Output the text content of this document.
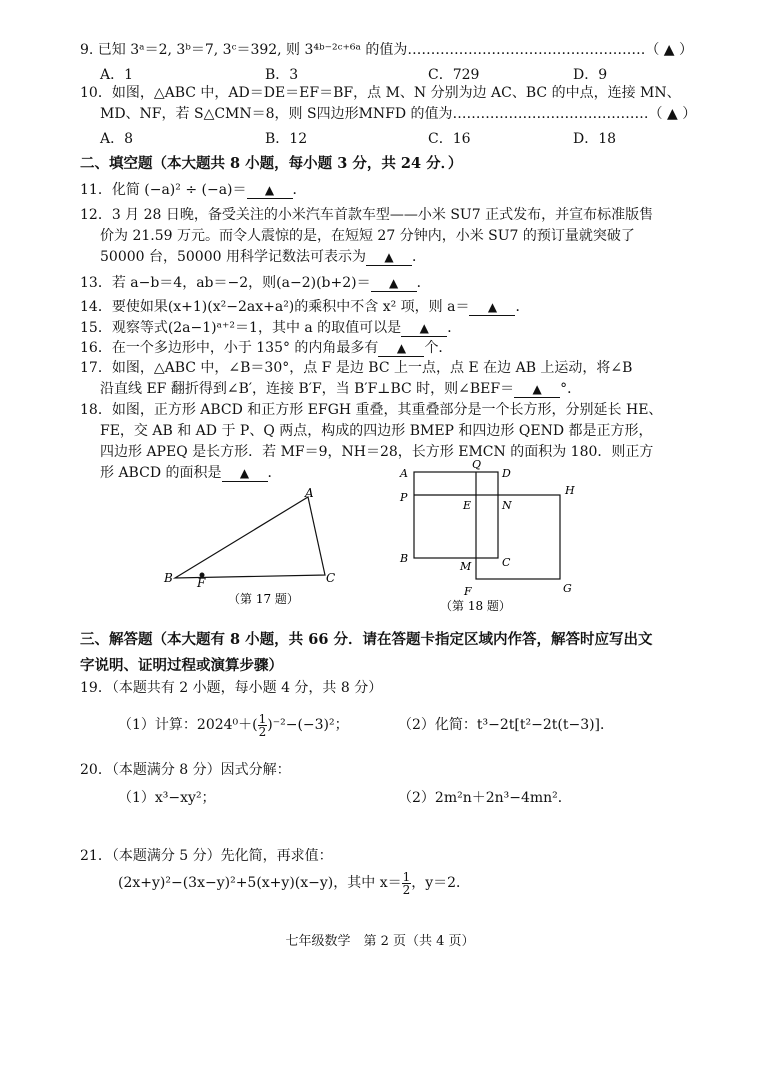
9. 已知 3ᵃ＝2, 3ᵇ＝7, 3ᶜ＝392, 则 3⁴ᵇ⁻²ᶜ⁺⁶ᵃ 的值为……………………………………………（ ▲ ）
A．1	B．3	C．729	D．9
10．如图，△ABC 中，AD＝DE＝EF＝BF，点 M、N 分别为边 AC、BC 的中点，连接 MN、
MD、NF，若 S△CMN＝8，则 S四边形MNFD 的值为……………………………………（ ▲ ）
A．8	B．12	C．16	D．18
二、填空题（本大题共 8 小题，每小题 3 分，共 24 分．）
11．化简 (−a)² ÷ (−a)＝ ▲ ．
12．3 月 28 日晚，备受关注的小米汽车首款车型——小米 SU7 正式发布，并宣布标准版售
价为 21.59 万元。而令人震惊的是，在短短 27 分钟内，小米 SU7 的预订量就突破了
50000 台，50000 用科学记数法可表示为 ▲ ．
13．若 a−b＝4，ab＝−2，则(a−2)(b+2)＝ ▲ ．
14．要使如果(x+1)(x²−2ax+a²)的乘积中不含 x² 项，则 a＝ ▲ ．
15．观察等式(2a−1)ᵃ⁺²＝1，其中 a 的取值可以是 ▲ ．
16．在一个多边形中，小于 135° 的内角最多有 ▲ 个．
17．如图，△ABC 中，∠B＝30°，点 F 是边 BC 上一点，点 E 在边 AB 上运动，将∠B
沿直线 EF 翻折得到∠B′，连接 B′F，当 B′F⊥BC 时，则∠BEF＝ ▲ °．
18．如图，正方形 ABCD 和正方形 EFGH 重叠，其重叠部分是一个长方形，分别延长 HE、
FE，交 AB 和 AD 于 P、Q 两点，构成的四边形 BMEP 和四边形 QEND 都是正方形，
四边形 APEQ 是长方形．若 MF＝9，NH＝28，长方形 EMCN 的面积为 180．则正方
形 ABCD 的面积是 ▲ ．
A
B	C
F
（第 17 题）
A
Q
D
H
P
E	N
B
M	C
F	G
（第 18 题）
三、解答题（本大题有 8 小题，共 66 分．请在答题卡指定区域内作答，解答时应写出文
字说明、证明过程或演算步骤）
19．（本题共有 2 小题，每小题 4 分，共 8 分）
（1）计算：$2024^0+( \frac{1}{2} )^{-2}-(-3)^2$；	（2）化简：t³−2t[t²−2t(t−3)]．
20．（本题满分 8 分）因式分解：
（1）x³−xy²；	（2）2m²n＋2n³−4mn²．
21．（本题满分 5 分）先化简，再求值：
(2x+y)²−(3x−y)²+5(x+y)(x−y)，其中 $x= \frac{1}{2}$ ，y＝2．
七年级数学　第 2 页（共 4 页）
